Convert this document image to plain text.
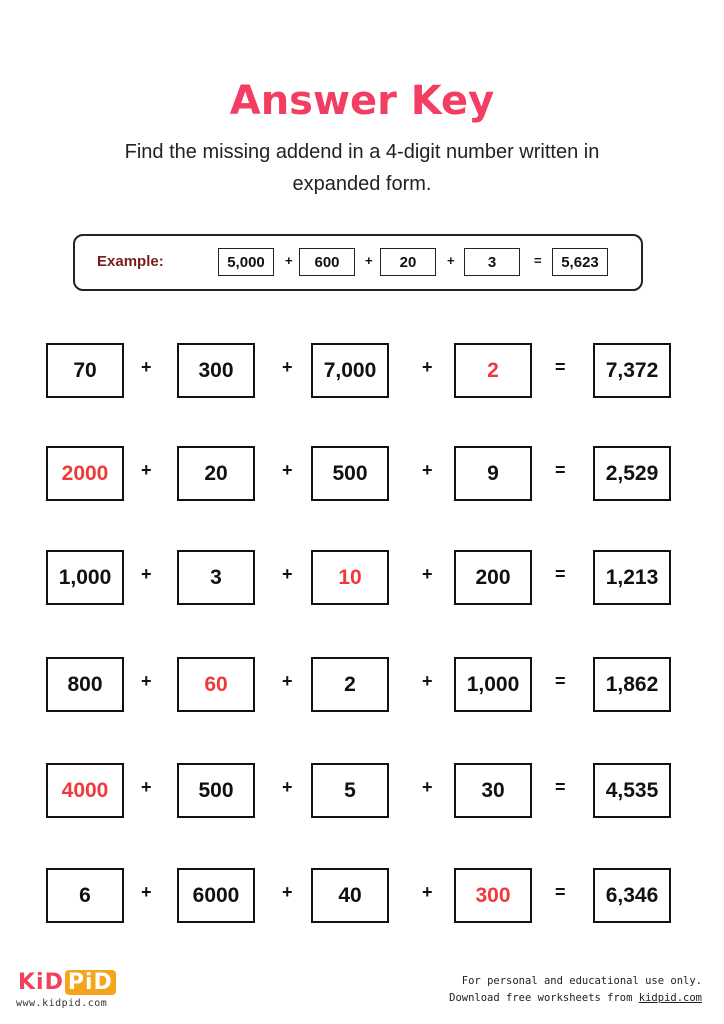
Answer Key
Find the missing addend in a 4-digit number written in expanded form.
Example:	5,000	+	600	+	20	+	3	=	5,623
70	+	300	+	7,000	+	2	=	7,372
2000	+	20	+	500	+	9	=	2,529
1,000	+	3	+	10	+	200	=	1,213
800	+	60	+	2	+	1,000	=	1,862
4000	+	500	+	5	+	30	=	4,535
6	+	6000	+	40	+	300	=	6,346
KiD PiD
www.kidpid.com
For personal and educational use only.
Download free worksheets from kidpid.com
